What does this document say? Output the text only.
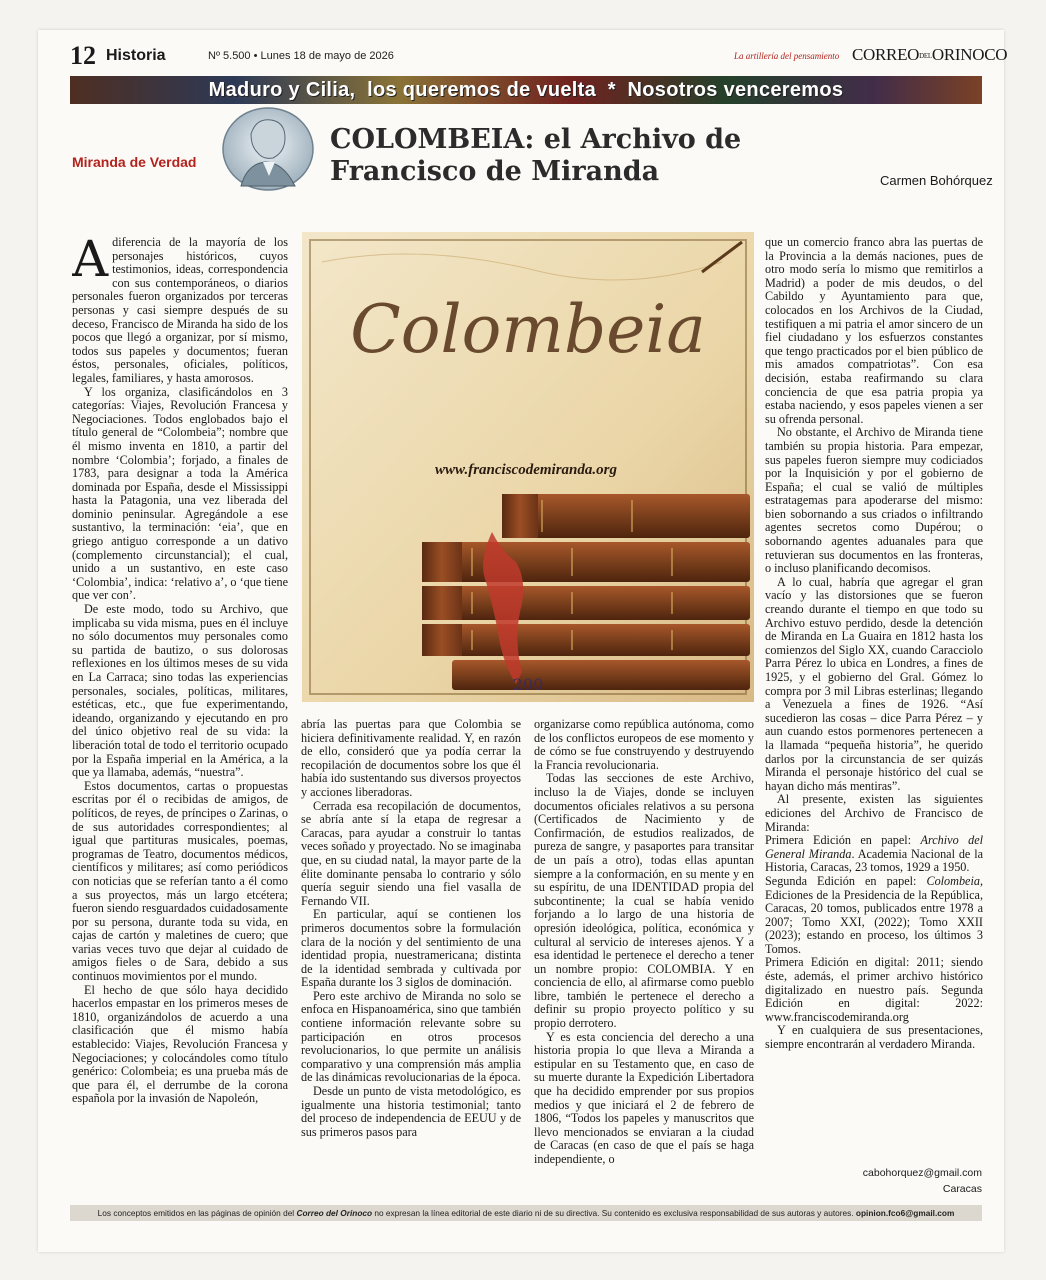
12 Historia	Nº 5.500 • Lunes 18 de mayo de 2026	La artillería del pensamiento CORREODELORINOCO
Maduro y Cilia,  los queremos de vuelta  *  Nosotros venceremos
Miranda de Verdad
COLOMBEIA: el Archivo de Francisco de Miranda	Carmen Bohórquez

Adiferencia de la mayoría de los personajes históricos, cuyos testimonios, ideas, correspondencia con sus contemporáneos, o diarios personales fueron organizados por terceras personas y casi siempre después de su deceso, Francisco de Miranda ha sido de los pocos que llegó a organizar, por sí mismo, todos sus papeles y documentos; fueran éstos, personales, oficiales, políticos, legales, familiares, y hasta amorosos.

Y los organiza, clasificándolos en 3 categorías: Viajes, Revolución Francesa y Negociaciones. Todos englobados bajo el título general de “Colombeia”; nombre que él mismo inventa en 1810, a partir del nombre ‘Colombia’; forjado, a finales de 1783, para designar a toda la América dominada por España, desde el Mississippi hasta la Patagonia, una vez liberada del dominio peninsular. Agregándole a ese sustantivo, la terminación: ‘eia’, que en griego antiguo corresponde a un dativo (complemento circunstancial); el cual, unido a un sustantivo, en este caso ‘Colombia’, indica: ‘relativo a’, o ‘que tiene que ver con’.

De este modo, todo su Archivo, que implicaba su vida misma, pues en él incluye no sólo documentos muy personales como su partida de bautizo, o sus dolorosas reflexiones en los últimos meses de su vida en La Carraca; sino todas las experiencias personales, sociales, políticas, militares, estéticas, etc., que fue experimentando, ideando, organizando y ejecutando en pro del único objetivo real de su vida: la liberación total de todo el territorio ocupado por la España imperial en la América, a la que ya llamaba, además, “nuestra”.

Estos documentos, cartas o propuestas escritas por él o recibidas de amigos, de políticos, de reyes, de príncipes o Zarinas, o de sus autoridades correspondientes; al igual que partituras musicales, poemas, programas de Teatro, documentos médicos, científicos y militares; así como periódicos con noticias que se referían tanto a él como a sus proyectos, más un largo etcétera; fueron siendo resguardados cuidadosamente por su persona, durante toda su vida, en cajas de cartón y maletines de cuero; que varias veces tuvo que dejar al cuidado de amigos fieles o de Sara, debido a sus continuos movimientos por el mundo.

El hecho de que sólo haya decidido hacerlos empastar en los primeros meses de 1810, organizándolos de acuerdo a una clasificación que él mismo había establecido: Viajes, Revolución Francesa y Negociaciones; y colocándoles como título genérico: Colombeia; es una prueba más de que para él, el derrumbe de la corona española por la invasión de Napoleón,

Colombeia
www.franciscodemiranda.org
200

abría las puertas para que Colombia se hiciera definitivamente realidad. Y, en razón de ello, consideró que ya podía cerrar la recopilación de documentos sobre los que él había ido sustentando sus diversos proyectos y acciones liberadoras.

Cerrada esa recopilación de documentos, se abría ante sí la etapa de regresar a Caracas, para ayudar a construir lo tantas veces soñado y proyectado. No se imaginaba que, en su ciudad natal, la mayor parte de la élite dominante pensaba lo contrario y sólo quería seguir siendo una fiel vasalla de Fernando VII.

En particular, aquí se contienen los primeros documentos sobre la formulación clara de la noción y del sentimiento de una identidad propia, nuestramericana; distinta de la identidad sembrada y cultivada por España durante los 3 siglos de dominación.

Pero este archivo de Miranda no solo se enfoca en Hispanoamérica, sino que también contiene información relevante sobre su participación en otros procesos revolucionarios, lo que permite un análisis comparativo y una comprensión más amplia de las dinámicas revolucionarias de la época.

Desde un punto de vista metodológico, es igualmente una historia testimonial; tanto del proceso de independencia de EEUU y de sus primeros pasos para

organizarse como república autónoma, como de los conflictos europeos de ese momento y de cómo se fue construyendo y destruyendo la Francia revolucionaria.

Todas las secciones de este Archivo, incluso la de Viajes, donde se incluyen documentos oficiales relativos a su persona (Certificados de Nacimiento y de Confirmación, de estudios realizados, de pureza de sangre, y pasaportes para transitar de un país a otro), todas ellas apuntan siempre a la conformación, en su mente y en su espíritu, de una IDENTIDAD propia del subcontinente; la cual se había venido forjando a lo largo de una historia de opresión ideológica, política, económica y cultural al servicio de intereses ajenos. Y a esa identidad le pertenece el derecho a tener un nombre propio: COLOMBIA. Y en conciencia de ello, al afirmarse como pueblo libre, también le pertenece el derecho a definir su propio proyecto político y su propio derrotero.

Y es esta conciencia del derecho a una historia propia lo que lleva a Miranda a estipular en su Testamento que, en caso de su muerte durante la Expedición Libertadora que ha decidido emprender por sus propios medios y que iniciará el 2 de febrero de 1806, “Todos los papeles y manuscritos que llevo mencionados se enviaran a la ciudad de Caracas (en caso de que el país se haga independiente, o

que un comercio franco abra las puertas de la Provincia a la demás naciones, pues de otro modo sería lo mismo que remitirlos a Madrid) a poder de mis deudos, o del Cabildo y Ayuntamiento para que, colocados en los Archivos de la Ciudad, testifiquen a mi patria el amor sincero de un fiel ciudadano y los esfuerzos constantes que tengo practicados por el bien público de mis amados compatriotas”. Con esa decisión, estaba reafirmando su clara conciencia de que esa patria propia ya estaba naciendo, y esos papeles vienen a ser su ofrenda personal.

No obstante, el Archivo de Miranda tiene también su propia historia. Para empezar, sus papeles fueron siempre muy codiciados por la Inquisición y por el gobierno de España; el cual se valió de múltiples estratagemas para apoderarse del mismo: bien sobornando a sus criados o infiltrando agentes secretos como Dupérou; o sobornando agentes aduanales para que retuvieran sus documentos en las fronteras, o incluso planificando decomisos.

A lo cual, habría que agregar el gran vacío y las distorsiones que se fueron creando durante el tiempo en que todo su Archivo estuvo perdido, desde la detención de Miranda en La Guaira en 1812 hasta los comienzos del Siglo XX, cuando Caracciolo Parra Pérez lo ubica en Londres, a fines de 1925, y el gobierno del Gral. Gómez lo compra por 3 mil Libras esterlinas; llegando a Venezuela a fines de 1926. “Así sucedieron las cosas – dice Parra Pérez – y aun cuando estos pormenores pertenecen a la llamada “pequeña historia”, he querido darlos por la circunstancia de ser quizás Miranda el personaje histórico del cual se hayan dicho más mentiras”.

Al presente, existen las siguientes ediciones del Archivo de Francisco de Miranda:

Primera Edición en papel: Archivo del General Miranda. Academia Nacional de la Historia, Caracas, 23 tomos, 1929 a 1950.

Segunda Edición en papel: Colombeia, Ediciones de la Presidencia de la República, Caracas, 20 tomos, publicados entre 1978 a 2007; Tomo XXI, (2022); Tomo XXII (2023); estando en proceso, los últimos 3 Tomos.

Primera Edición en digital: 2011; siendo éste, además, el primer archivo histórico digitalizado en nuestro país. Segunda Edición en digital: 2022: www.franciscodemiranda.org

Y en cualquiera de sus presentaciones, siempre encontrarán al verdadero Miranda.

cabohorquez@gmail.com
Caracas
Los conceptos emitidos en las páginas de opinión del Correo del Orinoco no expresan la línea editorial de este diario ni de su directiva. Su contenido es exclusiva responsabilidad de sus autoras y autores. opinion.fco6@gmail.com
